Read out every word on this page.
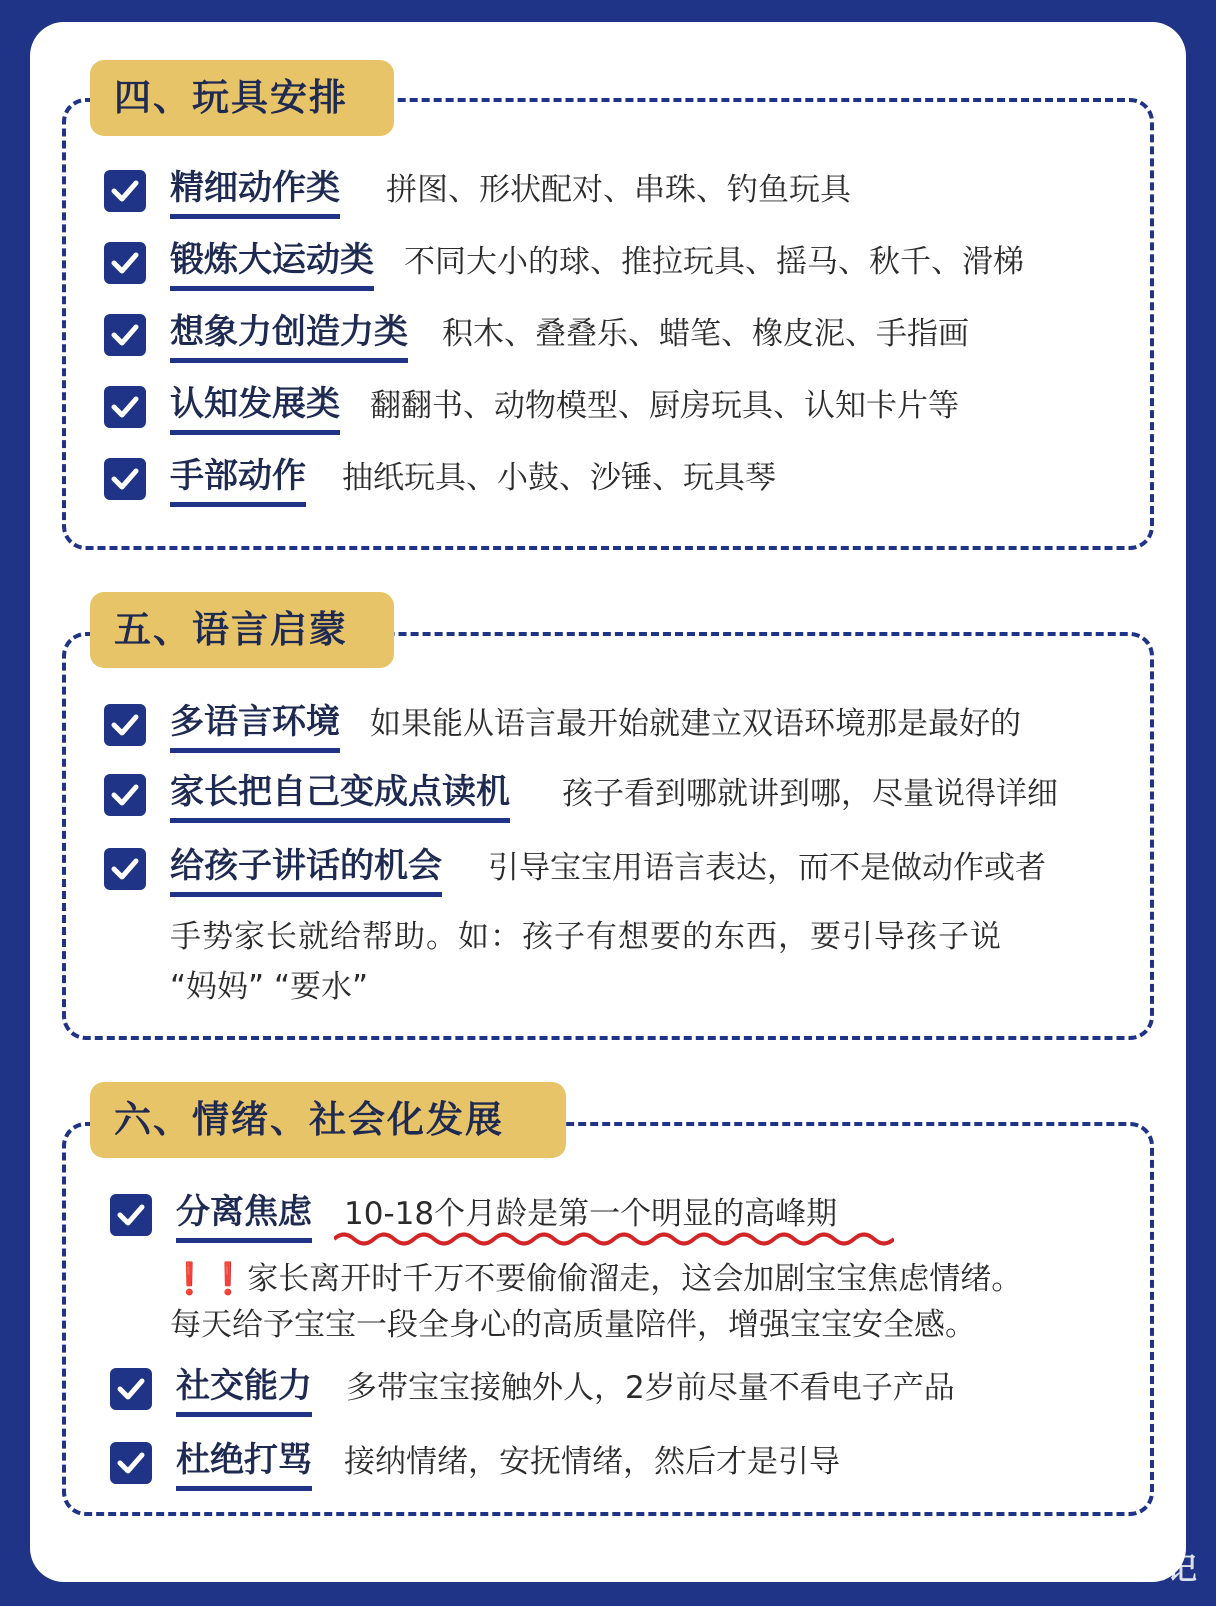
四、玩具安排
精细动作类 拼图、形状配对、串珠、钓鱼玩具
锻炼大运动类 不同大小的球、推拉玩具、摇马、秋千、滑梯
想象力创造力类 积木、叠叠乐、蜡笔、橡皮泥、手指画
认知发展类 翻翻书、动物模型、厨房玩具、认知卡片等
手部动作 抽纸玩具、小鼓、沙锤、玩具琴
五、语言启蒙
多语言环境 如果能从语言最开始就建立双语环境那是最好的
家长把自己变成点读机 孩子看到哪就讲到哪，尽量说得详细
给孩子讲话的机会 引导宝宝用语言表达，而不是做动作或者
手势家长就给帮助。如：孩子有想要的东西，要引导孩子说
“妈妈” “要水”
六、情绪、社会化发展
分离焦虑 10-18个月龄是第一个明显的高峰期
❗❗家长离开时千万不要偷偷溜走，这会加剧宝宝焦虑情绪。
每天给予宝宝一段全身心的高质量陪伴，增强宝宝安全感。
社交能力 多带宝宝接触外人，2岁前尽量不看电子产品
杜绝打骂 接纳情绪，安抚情绪，然后才是引导
沐妈育儿记
